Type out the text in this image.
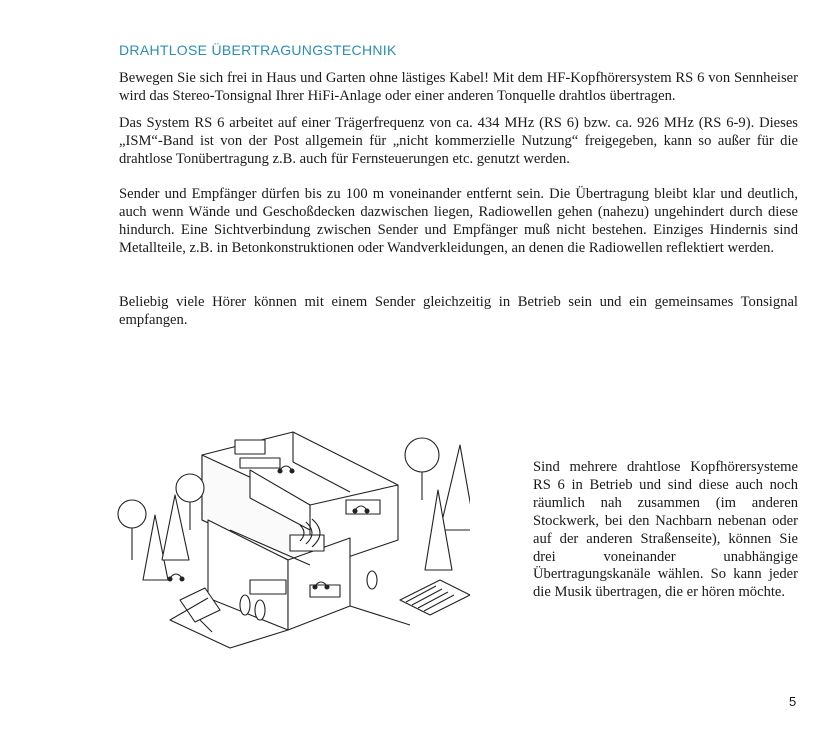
DRAHTLOSE ÜBERTRAGUNGSTECHNIK

Bewegen Sie sich frei in Haus und Garten ohne lästiges Kabel! Mit dem HF-Kopfhörersystem RS 6 von Sennheiser wird das Stereo-Tonsignal Ihrer HiFi-Anlage oder einer anderen Tonquelle drahtlos übertragen.

Das System RS 6 arbeitet auf einer Trägerfrequenz von ca. 434 MHz (RS 6) bzw. ca. 926 MHz (RS 6-9). Dieses „ISM“-Band ist von der Post allgemein für „nicht kommerzielle Nutzung“ freigegeben, kann so außer für die drahtlose Tonübertragung z.B. auch für Fernsteuerungen etc. genutzt werden.

Sender und Empfänger dürfen bis zu 100 m voneinander entfernt sein. Die Übertragung bleibt klar und deutlich, auch wenn Wände und Geschoßdecken dazwischen liegen, Radiowellen gehen (nahezu) ungehindert durch diese hindurch. Eine Sichtverbindung zwischen Sender und Empfänger muß nicht bestehen. Einziges Hindernis sind Metallteile, z.B. in Betonkonstruktionen oder Wandverkleidungen, an denen die Radiowellen reflektiert werden.

Beliebig viele Hörer können mit einem Sender gleichzeitig in Betrieb sein und ein gemeinsames Tonsignal empfangen.

Sind mehrere drahtlose Kopfhörersysteme RS 6 in Betrieb und sind diese auch noch räumlich nah zusammen (im anderen Stockwerk, bei den Nachbarn nebenan oder auf der anderen Straßenseite), können Sie drei voneinander unabhängige Übertragungskanäle wählen. So kann jeder die Musik übertragen, die er hören möchte.

5
